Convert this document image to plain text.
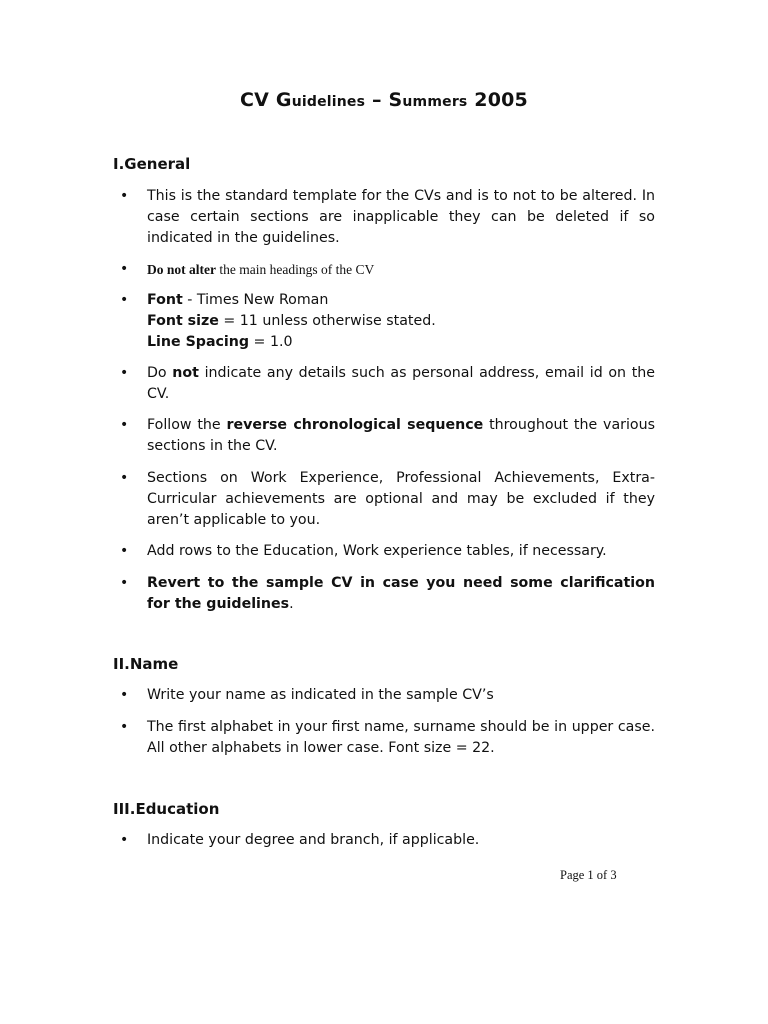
CV Guidelines – Summers 2005
I.General
• This is the standard template for the CVs and is to not to be altered. In case certain sections are inapplicable they can be deleted if so indicated in the guidelines.
• Do not alter the main headings of the CV
• Font - Times New Roman
Font size = 11 unless otherwise stated.
Line Spacing = 1.0
• Do not indicate any details such as personal address, email id on the CV.
• Follow the reverse chronological sequence throughout the various sections in the CV.
• Sections on Work Experience, Professional Achievements, Extra-Curricular achievements are optional and may be excluded if they aren’t applicable to you.
• Add rows to the Education, Work experience tables, if necessary.
• Revert to the sample CV in case you need some clarification for the guidelines.
II.Name
• Write your name as indicated in the sample CV’s
• The first alphabet in your first name, surname should be in upper case. All other alphabets in lower case. Font size = 22.
III.Education
• Indicate your degree and branch, if applicable.
Page 1 of 3
